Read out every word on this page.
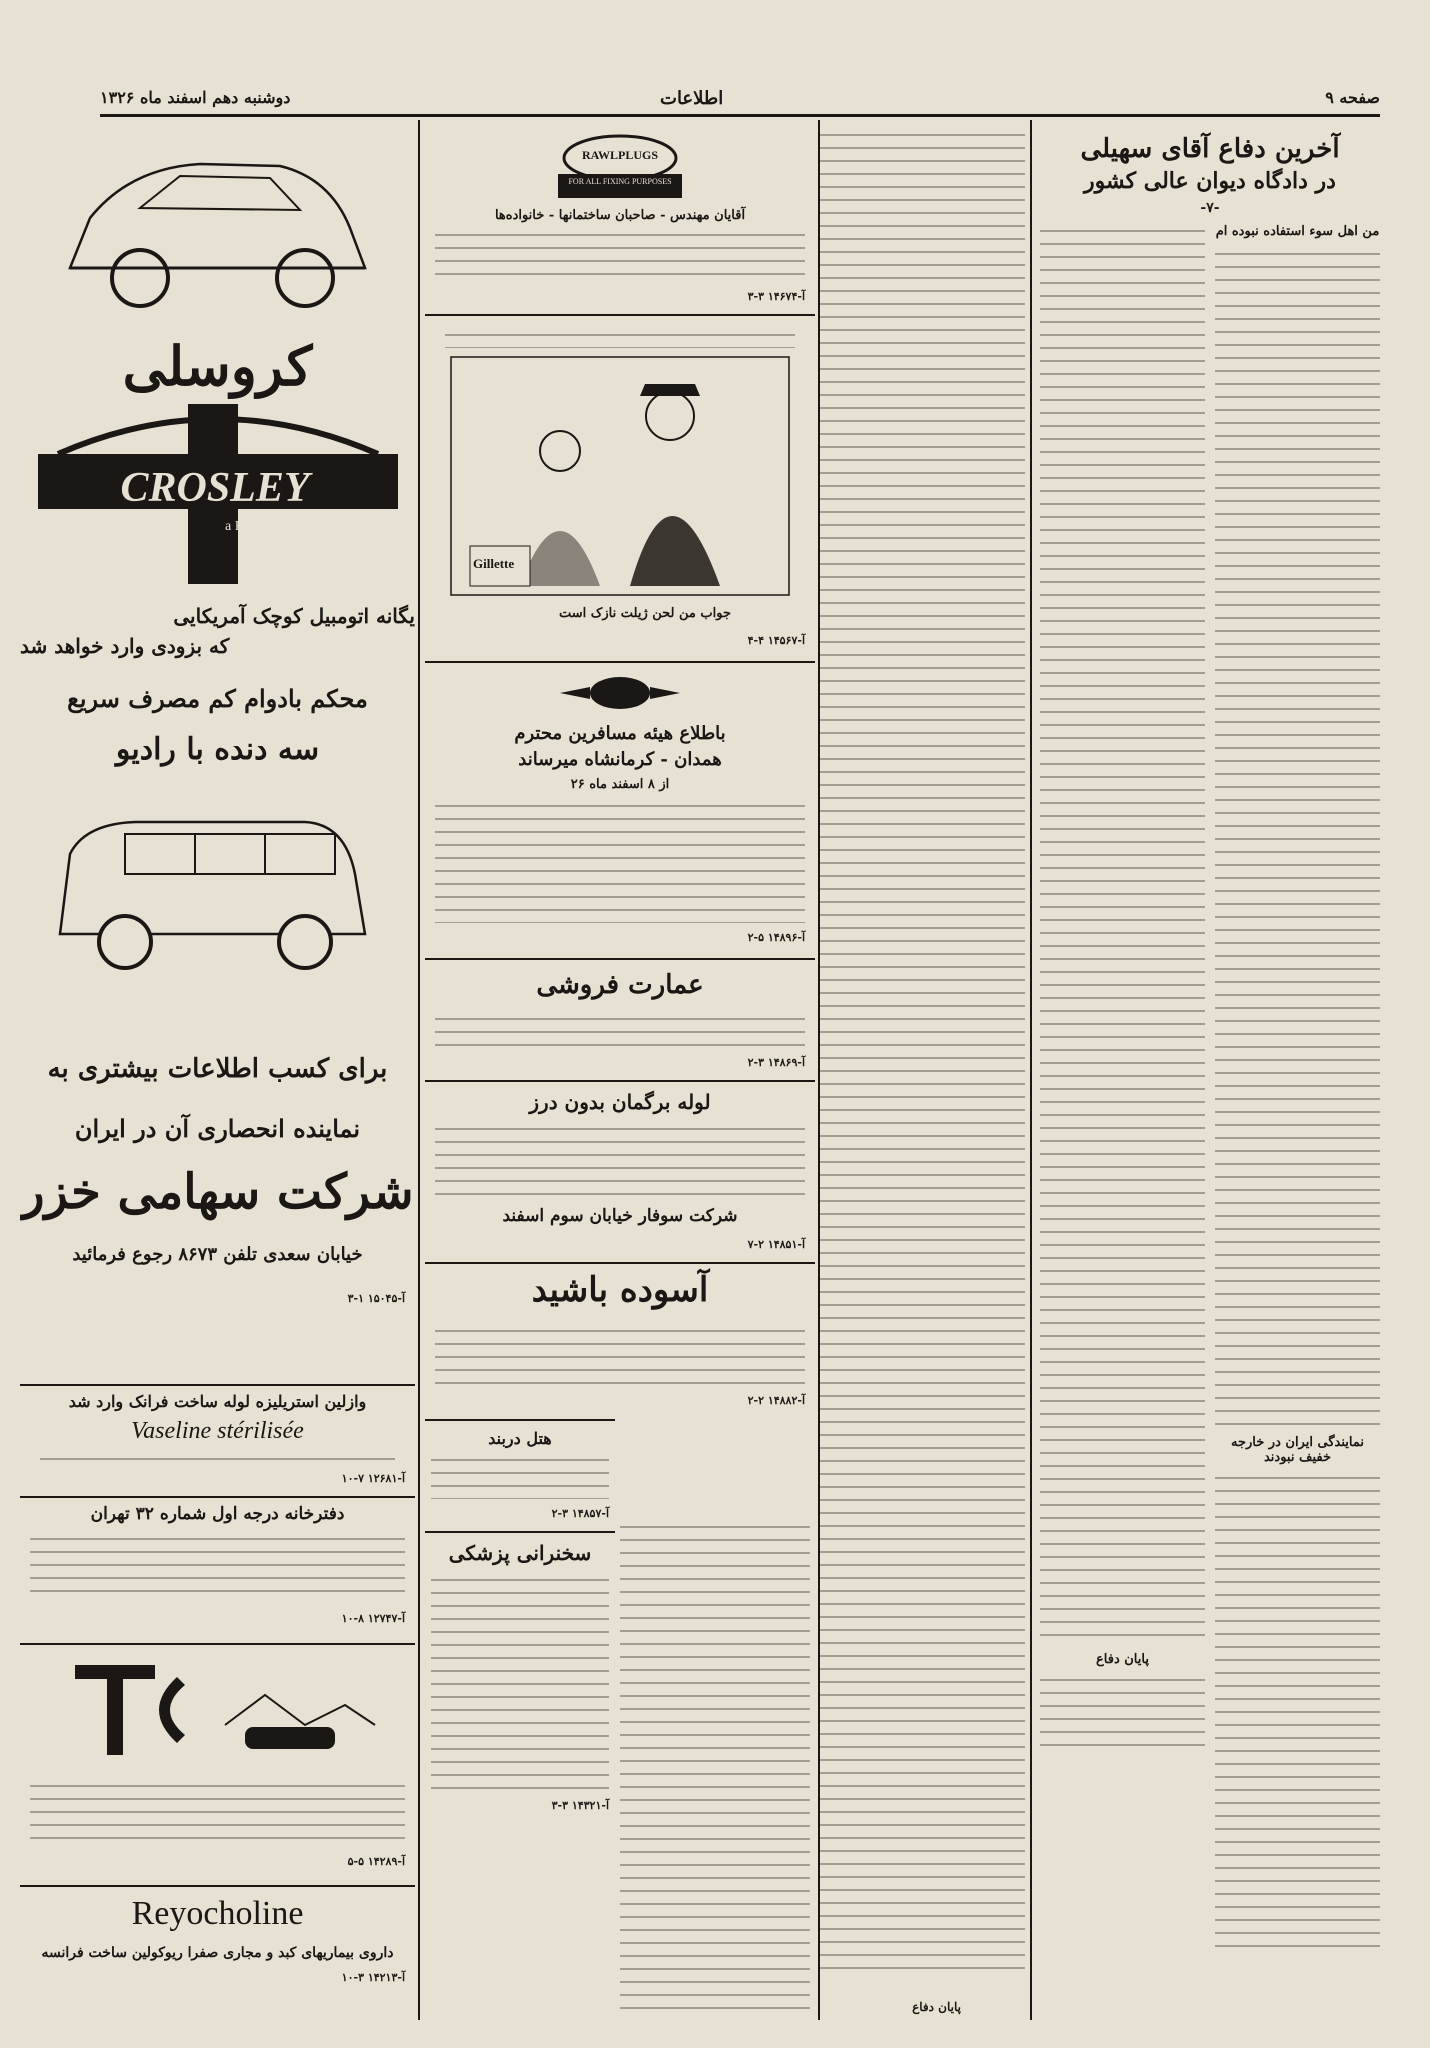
صفحه ۹
اطلاعات
دوشنبه دهم اسفند ماه ۱۳۲۶
آخرین دفاع آقای سهیلی
در دادگاه دیوان عالی کشور
-۷-
من اهل سوء استفاده نبوده ام
نمایندگی ایران در خارجه خفیف نبودند
پایان دفاع
پایان دفاع
RAWLPLUGS
FOR ALL FIXING PURPOSES
آقایان مهندس - صاحبان ساختمانها - خانواده‌ها
آ-۱۴۶۷۴ ۳-۳
Gillette
جواب من لحن ژیلت نازک است
آ-۱۴۵۶۷ ۴-۴
باطلاع هیئه مسافرین محترم
همدان - کرمانشاه میرساند
از ۸ اسفند ماه ۲۶
آ-۱۴۸۹۶ ۵-۲
عمارت فروشی
آ-۱۴۸۶۹ ۳-۲
لوله برگمان بدون درز
شرکت سوفار خیابان سوم اسفند
آ-۱۴۸۵۱ ۲-۷
آسوده باشید
آ-۱۴۸۸۲ ۲-۲
هتل دربند
آ-۱۴۸۵۷ ۳-۲
سخنرانی پزشکی
آ-۱۴۳۲۱ ۳-۳
کروسلی
CROSLEY
a FINE car
یگانه اتومبیل کوچک آمریکایی
که بزودی وارد خواهد شد
محکم بادوام کم مصرف سریع
سه دنده با رادیو
برای کسب اطلاعات بیشتری به
نماینده انحصاری آن در ایران
شرکت سهامی خزر
خیابان سعدی تلفن ۸۶۷۳ رجوع فرمائید
آ-۱۵۰۴۵ ۱-۳
وازلین استریلیزه لوله ساخت فرانک وارد شد
Vaseline stérilisée
آ-۱۲۶۸۱ ۷-۱۰
دفترخانه درجه اول شماره ۳۲ تهران
آ-۱۲۷۴۷ ۸-۱۰
آ-۱۴۲۸۹ ۵-۵
Reyocholine
داروی بیماریهای کبد و مجاری صفرا ریوکولین ساخت فرانسه
آ-۱۴۲۱۳ ۳-۱۰
